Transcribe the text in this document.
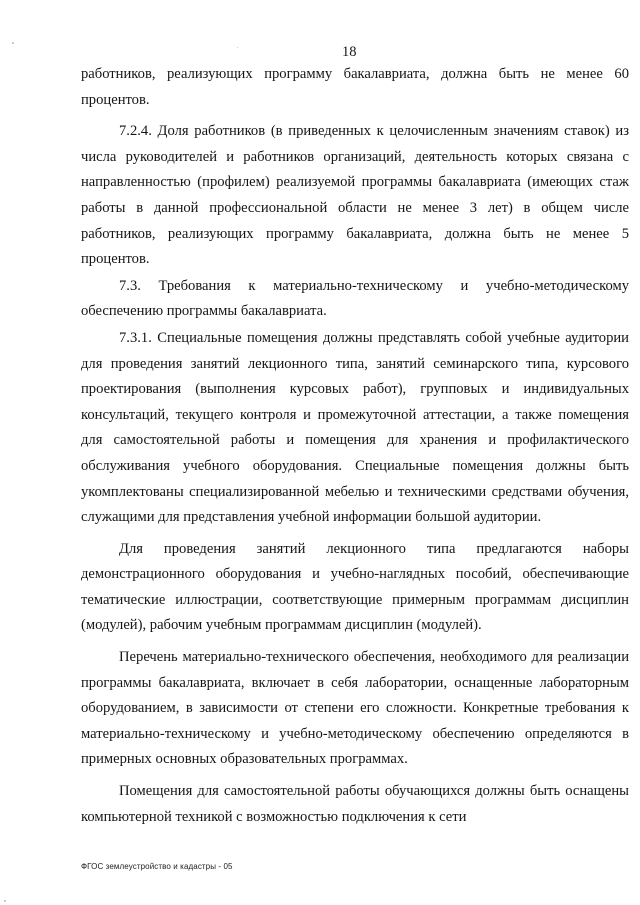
18

работников, реализующих программу бакалавриата, должна быть не менее 60 процентов.

7.2.4. Доля работников (в приведенных к целочисленным значениям ставок) из числа руководителей и работников организаций, деятельность которых связана с направленностью (профилем) реализуемой программы бакалавриата (имеющих стаж работы в данной профессиональной области не менее 3 лет) в общем числе работников, реализующих программу бакалавриата, должна быть не менее 5 процентов.

7.3. Требования к материально-техническому и учебно-методическому обеспечению программы бакалавриата.

7.3.1. Специальные помещения должны представлять собой учебные аудитории для проведения занятий лекционного типа, занятий семинарского типа, курсового проектирования (выполнения курсовых работ), групповых и индивидуальных консультаций, текущего контроля и промежуточной аттестации, а также помещения для самостоятельной работы и помещения для хранения и профилактического обслуживания учебного оборудования. Специальные помещения должны быть укомплектованы специализированной мебелью и техническими средствами обучения, служащими для представления учебной информации большой аудитории.

Для проведения занятий лекционного типа предлагаются наборы демонстрационного оборудования и учебно-наглядных пособий, обеспечивающие тематические иллюстрации, соответствующие примерным программам дисциплин (модулей), рабочим учебным программам дисциплин (модулей).

Перечень материально-технического обеспечения, необходимого для реализации программы бакалавриата, включает в себя лаборатории, оснащенные лабораторным оборудованием, в зависимости от степени его сложности. Конкретные требования к материально-техническому и учебно-методическому обеспечению определяются в примерных основных образовательных программах.

Помещения для самостоятельной работы обучающихся должны быть оснащены компьютерной техникой с возможностью подключения к сети

ФГОС землеустройство и кадастры - 05
